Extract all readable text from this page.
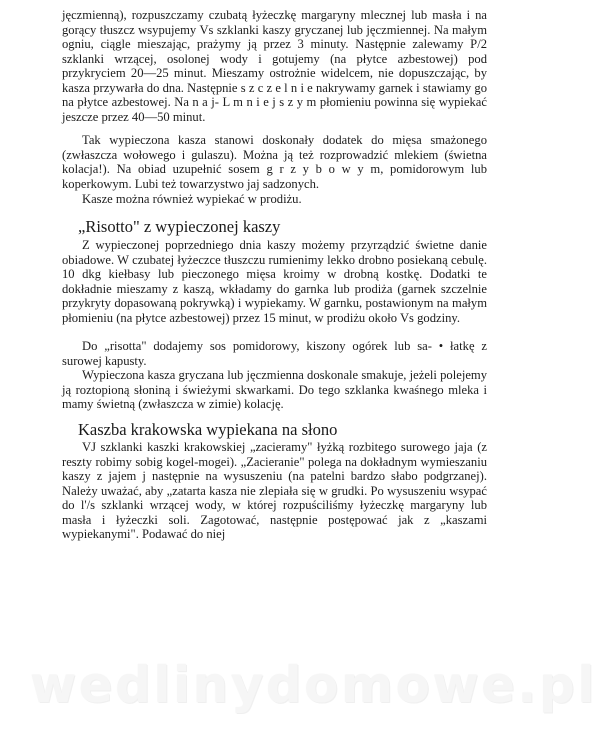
jęczmienną), rozpuszczamy czubatą łyżeczkę margaryny mlecznej lub masła i na gorący tłuszcz wsypujemy Vs szklanki kaszy gryczanej lub jęczmiennej. Na małym ogniu, ciągle mieszając, prażymy ją przez 3 minuty. Następnie zalewamy P/2 szklanki wrzącej, osolonej wody i gotujemy (na płytce azbestowej) pod przykryciem 20—25 minut. Mieszamy ostrożnie widelcem, nie dopuszczając, by kasza przywarła do dna. Następnie s z c z e l n i e nakrywamy garnek i stawiamy go na płytce azbestowej. Na n a j- L m n i e j s z y m płomieniu powinna się wypiekać jeszcze przez 40—50 minut.

Tak wypieczona kasza stanowi doskonały dodatek do mięsa smażonego (zwłaszcza wołowego i gulaszu). Można ją też rozprowadzić mlekiem (świetna kolacja!). Na obiad uzupełnić sosem g r z y b o w y m, pomidorowym lub koperkowym. Lubi też towarzystwo jaj sadzonych.

Kasze można również wypiekać w prodiżu.

„Risotto" z wypieczonej kaszy

Z wypieczonej poprzedniego dnia kaszy możemy przyrządzić świetne danie obiadowe. W czubatej łyżeczce tłuszczu rumienimy lekko drobno posiekaną cebulę. 10 dkg kiełbasy lub pieczonego mięsa kroimy w drobną kostkę. Dodatki te dokładnie mieszamy z kaszą, wkładamy do garnka lub prodiża (garnek szczelnie przykryty dopasowaną pokrywką) i wypiekamy. W garnku, postawionym na małym płomieniu (na płytce azbestowej) przez 15 minut, w prodiżu około Vs godziny.

Do „risotta" dodajemy sos pomidorowy, kiszony ogórek lub sa- • łatkę z surowej kapusty.

Wypieczona kasza gryczana lub jęczmienna doskonale smakuje, jeżeli polejemy ją roztopioną słoniną i świeżymi skwarkami. Do tego szklanka kwaśnego mleka i mamy świetną (zwłaszcza w zimie) kolację.

Kaszba krakowska wypiekana na słono

VJ szklanki kaszki krakowskiej „zacieramy" łyżką rozbitego surowego jaja (z reszty robimy sobig kogel-mogei). „Zacieranie" polega na dokładnym wymieszaniu kaszy z jajem j następnie na wysuszeniu (na patelni bardzo słabo podgrzanej). Należy uważać, aby „zatarta kasza nie zlepiała się w grudki. Po wysuszeniu wsypać do l'/s szklanki wrzącej wody, w której rozpuściliśmy łyżeczkę margaryny lub masła i łyżeczki soli. Zagotować, następnie postępować jak z „kaszami wypiekanymi". Podawać do niej

wedlinydomowe.pl
